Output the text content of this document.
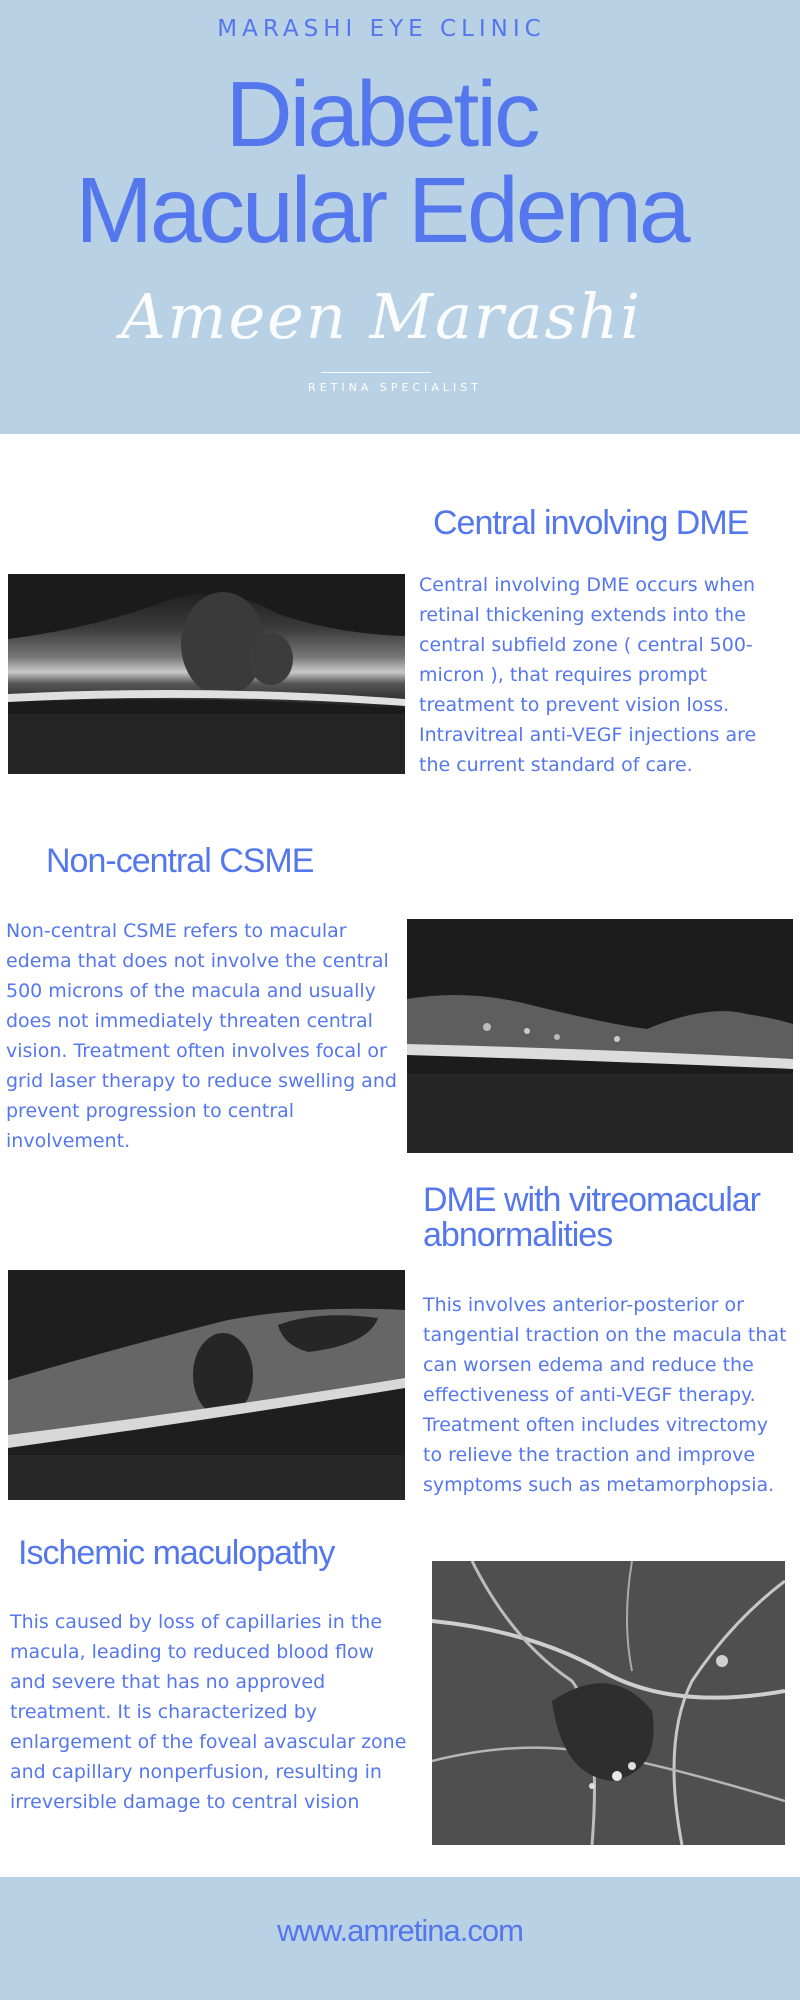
MARASHI EYE CLINIC
Diabetic
Macular Edema
Ameen Marashi
RETINA SPECIALIST
Central involving DME

Central involving DME occurs when retinal thickening extends into the central subfield zone ( central 500-micron ), that requires prompt treatment to prevent vision loss. Intravitreal anti-VEGF injections are the current standard of care.

Non-central CSME

Non-central CSME refers to macular edema that does not involve the central 500 microns of the macula and usually does not immediately threaten central vision. Treatment often involves focal or grid laser therapy to reduce swelling and prevent progression to central involvement.

DME with vitreomacular
abnormalities

This involves anterior-posterior or tangential traction on the macula that can worsen edema and reduce the effectiveness of anti-VEGF therapy. Treatment often includes vitrectomy to relieve the traction and improve symptoms such as metamorphopsia.

Ischemic maculopathy

This caused by loss of capillaries in the macula, leading to reduced blood flow and severe that has no approved treatment. It is characterized by enlargement of the foveal avascular zone and capillary nonperfusion, resulting in irreversible damage to central vision

www.amretina.com
